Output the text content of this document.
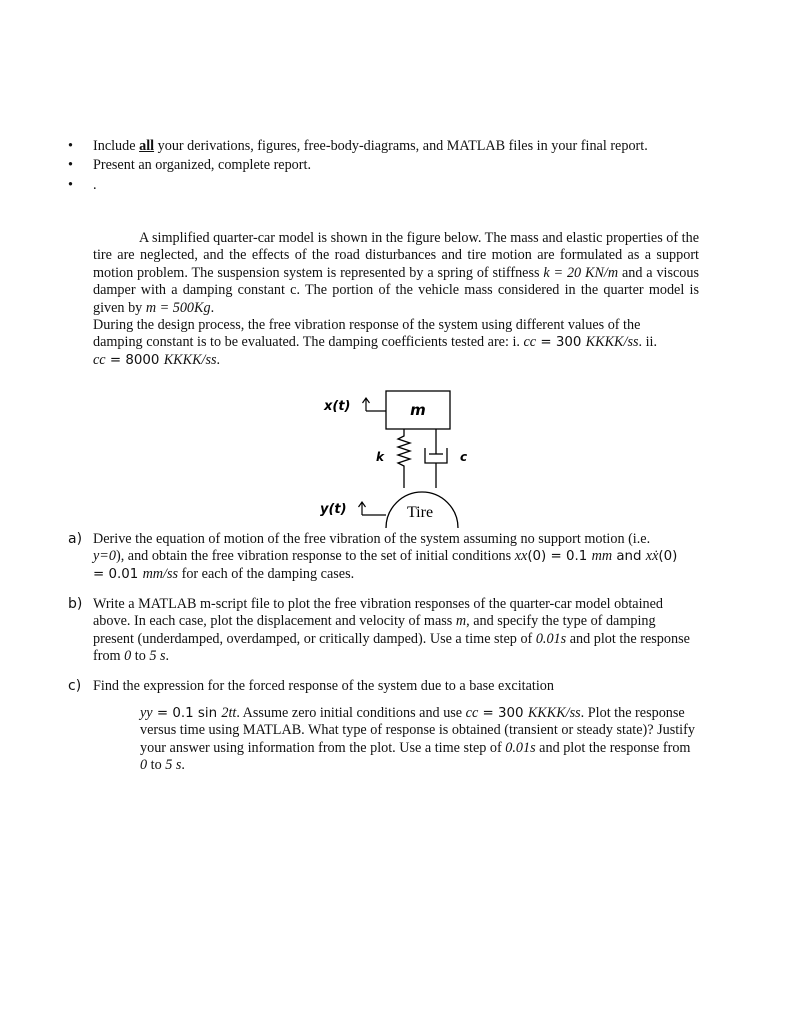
• Include all your derivations, figures, free-body-diagrams, and MATLAB files in your final report.
• Present an organized, complete report.
• .

A simplified quarter-car model is shown in the figure below. The mass and elastic properties of the tire are neglected, and the effects of the road disturbances and tire motion are formulated as a support motion problem. The suspension system is represented by a spring of stiffness k = 20 KN/m and a viscous damper with a damping constant c. The portion of the vehicle mass considered in the quarter model is given by m = 500Kg.

During the design process, the free vibration response of the system using different values of the damping constant is to be evaluated. The damping coefficients tested are: i. cc = 300 KKKK/ss. ii. cc = 8000 KKKK/ss.

m
x(t)
k	c
Tire
y(t)
a) Derive the equation of motion of the free vibration of the system assuming no support motion (i.e. y=0), and obtain the free vibration response to the set of initial conditions xx(0) = 0.1 mm and xẋ(0) = 0.01 mm/ss for each of the damping cases.
b) Write a MATLAB m-script file to plot the free vibration responses of the quarter-car model obtained above. In each case, plot the displacement and velocity of mass m, and specify the type of damping present (underdamped, overdamped, or critically damped). Use a time step of 0.01s and plot the response from 0 to 5 s.
c) Find the expression for the forced response of the system due to a base excitation
yy = 0.1 sin 2tt. Assume zero initial conditions and use cc = 300 KKKK/ss. Plot the response versus time using MATLAB. What type of response is obtained (transient or steady state)? Justify your answer using information from the plot. Use a time step of 0.01s and plot the response from 0 to 5 s.
